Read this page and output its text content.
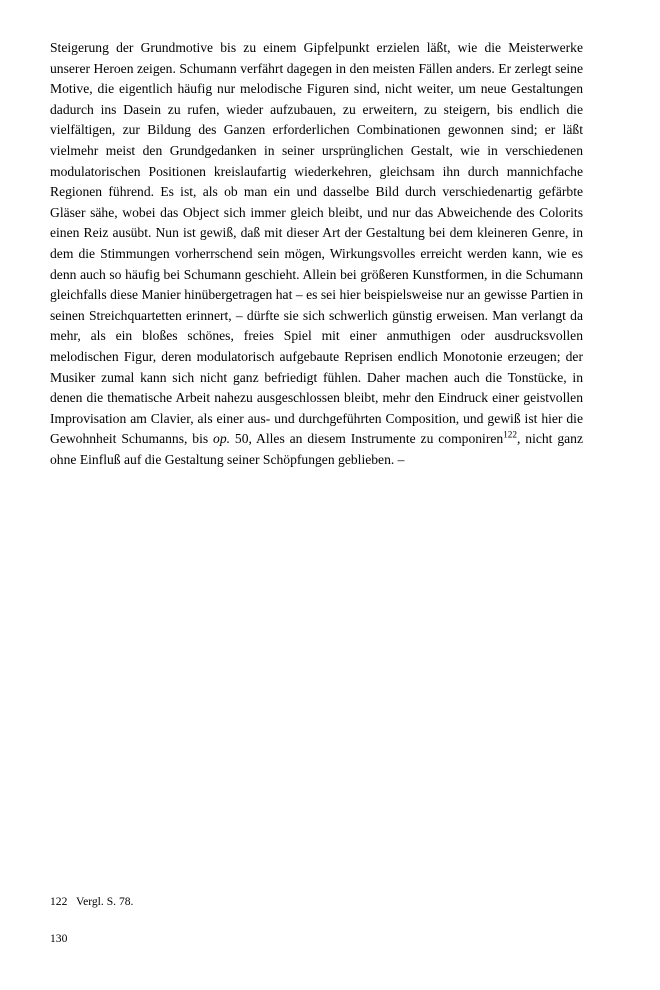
Steigerung der Grundmotive bis zu einem Gipfelpunkt erzielen läßt, wie die Meisterwerke unserer Heroen zeigen. Schumann verfährt dagegen in den meisten Fällen anders. Er zerlegt seine Motive, die eigentlich häufig nur melodische Figuren sind, nicht weiter, um neue Gestaltungen dadurch ins Dasein zu rufen, wieder aufzubauen, zu erweitern, zu steigern, bis endlich die vielfältigen, zur Bildung des Ganzen erforderlichen Combinationen gewonnen sind; er läßt vielmehr meist den Grundgedanken in seiner ursprünglichen Gestalt, wie in verschiedenen modulatorischen Positionen kreislaufartig wiederkehren, gleichsam ihn durch mannichfache Regionen führend. Es ist, als ob man ein und dasselbe Bild durch verschiedenartig gefärbte Gläser sähe, wobei das Object sich immer gleich bleibt, und nur das Abweichende des Colorits einen Reiz ausübt. Nun ist gewiß, daß mit dieser Art der Gestaltung bei dem kleineren Genre, in dem die Stimmungen vorherrschend sein mögen, Wirkungsvolles erreicht werden kann, wie es denn auch so häufig bei Schumann geschieht. Allein bei größeren Kunstformen, in die Schumann gleichfalls diese Manier hinübergetragen hat – es sei hier beispielsweise nur an gewisse Partien in seinen Streichquartetten erinnert, – dürfte sie sich schwerlich günstig erweisen. Man verlangt da mehr, als ein bloßes schönes, freies Spiel mit einer anmuthigen oder ausdrucksvollen melodischen Figur, deren modulatorisch aufgebaute Reprisen endlich Monotonie erzeugen; der Musiker zumal kann sich nicht ganz befriedigt fühlen. Daher machen auch die Tonstücke, in denen die thematische Arbeit nahezu ausgeschlossen bleibt, mehr den Eindruck einer geistvollen Improvisation am Clavier, als einer aus- und durchgeführten Composition, und gewiß ist hier die Gewohnheit Schumanns, bis op. 50, Alles an diesem Instrumente zu componiren$^{122}$, nicht ganz ohne Einfluß auf die Gestaltung seiner Schöpfungen geblieben. –

122 Vergl. S. 78.
130
